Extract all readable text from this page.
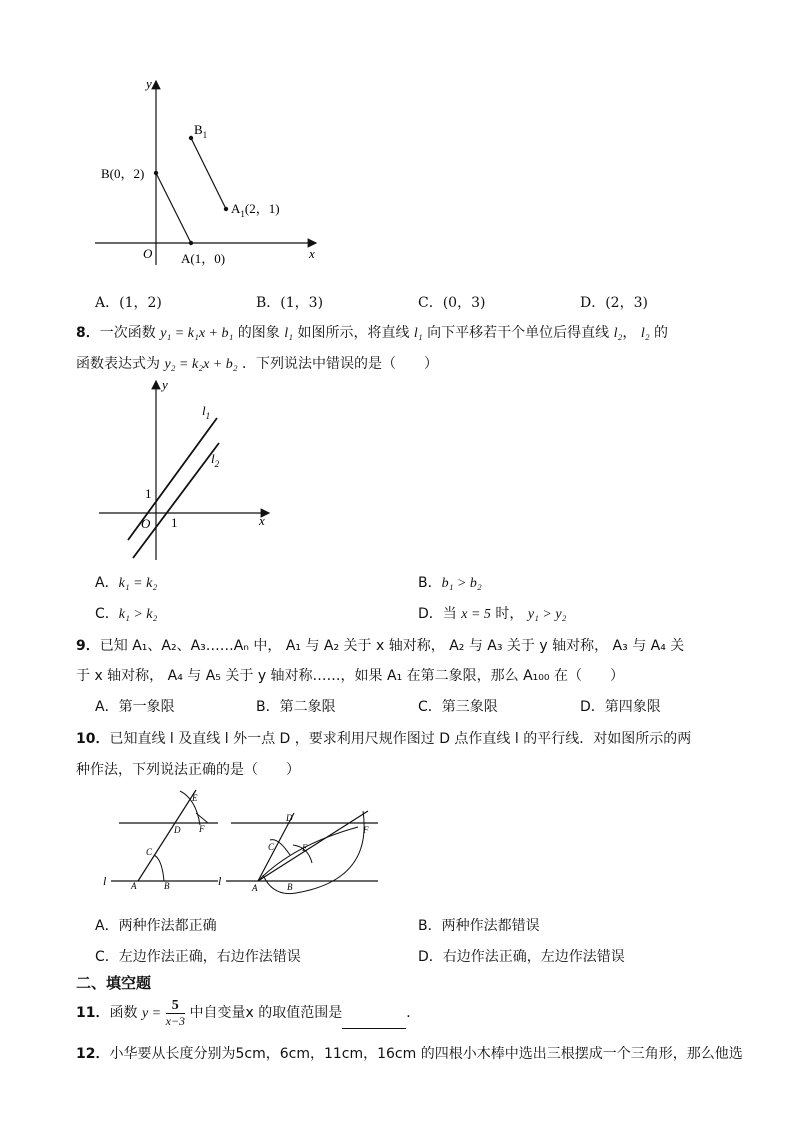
y
x
O
B(0，2)
A(1，0)
$B_1$
$A_1(2$，1)
A．(1，2)	B．(1，3)	C．(0，3)	D．(2，3)
8．一次函数 y₁ = k₁x + b₁ 的图象 l₁ 如图所示，将直线 l₁ 向下平移若干个单位后得直线 l₂， l₂ 的
函数表达式为 y₂ = k₂x + b₂ ．下列说法中错误的是（　　）
y
x
O
1
1
$l_1$
$l_2$
A．k₁ = k₂	B．b₁ > b₂
C．k₁ > k₂	D．当 x = 5 时， y₁ > y₂
9．已知 A₁、A₂、A₃……Aₙ 中， A₁ 与 A₂ 关于 x 轴对称， A₂ 与 A₃ 关于 y 轴对称， A₃ 与 A₄ 关
于 x 轴对称， A₄ 与 A₅ 关于 y 轴对称……，如果 A₁ 在第二象限，那么 A₁₀₀ 在（　　）
A．第一象限	B．第二象限	C．第三象限	D．第四象限
10．已知直线 l 及直线 l 外一点 D ，要求利用尺规作图过 D 点作直线 l 的平行线．对如图所示的两
种作法，下列说法正确的是（　　）
l	A	B
C
D
E
F
l	A	B
C
D
E
F
A．两种作法都正确	B．两种作法都错误
C．左边作法正确，右边作法错误	D．右边作法正确，左边作法错误
二、填空题
11．函数 $y = \frac{5}{x-3}$ 中自变量x 的取值范围是	．
12．小华要从长度分别为5cm，6cm，11cm，16cm 的四根小木棒中选出三根摆成一个三角形，那么他选
